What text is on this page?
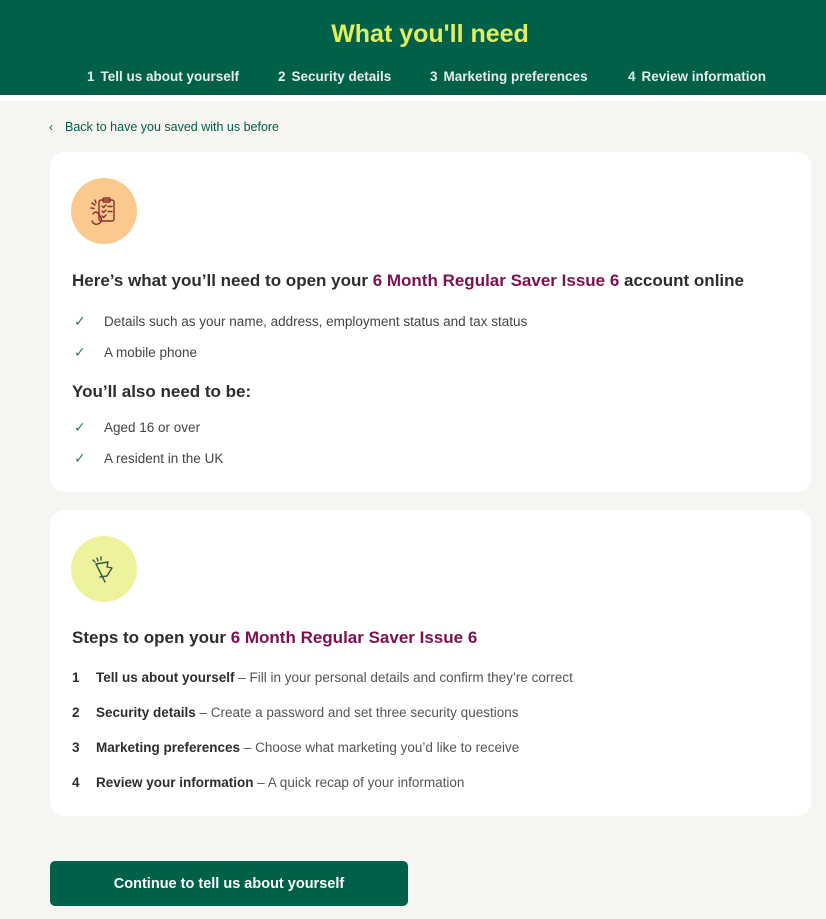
What you'll need
1 Tell us about yourself	2 Security details	3 Marketing preferences	4 Review information
‹ Back to have you saved with us before
Here’s what you’ll need to open your 6 Month Regular Saver Issue 6 account online
✓	Details such as your name, address, employment status and tax status
✓	A mobile phone
You’ll also need to be:
✓	Aged 16 or over
✓	A resident in the UK
Steps to open your 6 Month Regular Saver Issue 6
1 Tell us about yourself – Fill in your personal details and confirm they’re correct
2 Security details – Create a password and set three security questions
3 Marketing preferences – Choose what marketing you’d like to receive
4 Review your information – A quick recap of your information
Continue to tell us about yourself
